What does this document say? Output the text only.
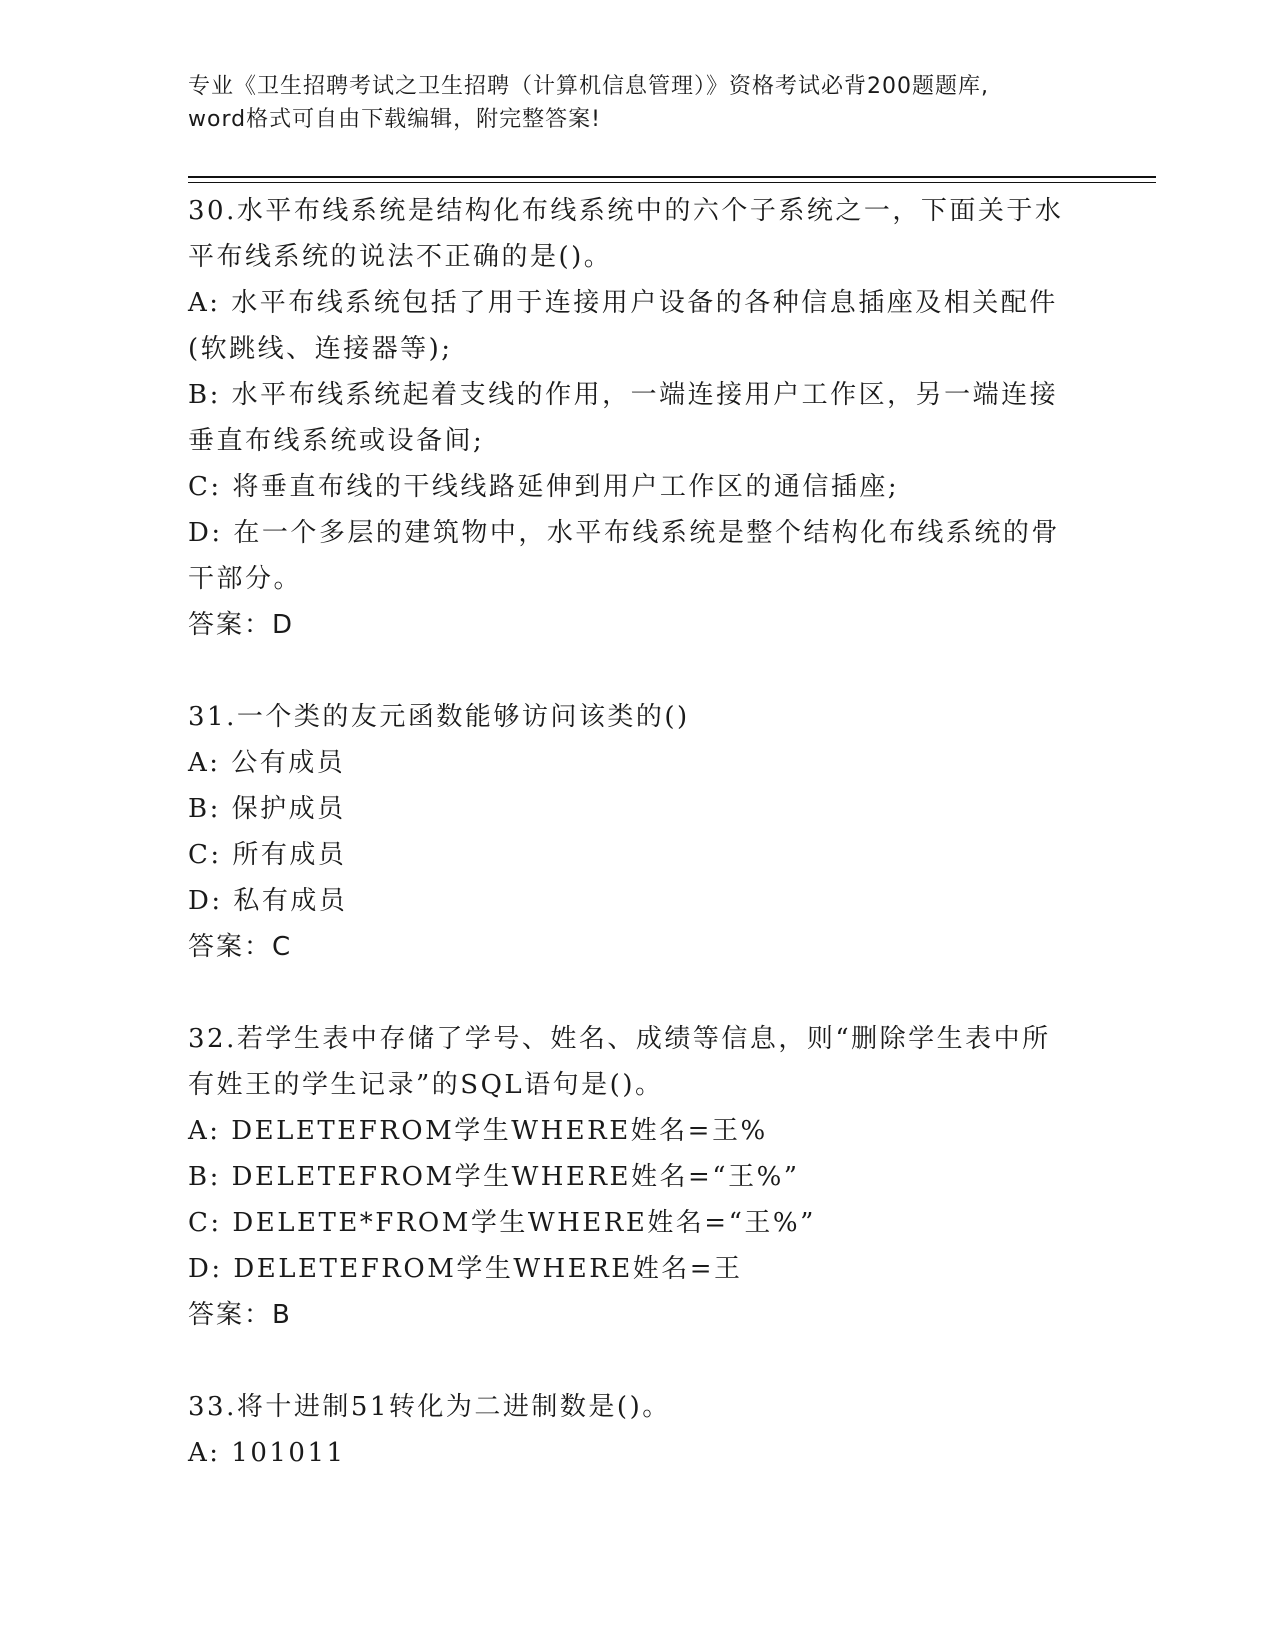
专业《卫生招聘考试之卫生招聘（计算机信息管理）》资格考试必背200题题库,
word格式可自由下载编辑，附完整答案!
30.水平布线系统是结构化布线系统中的六个子系统之一，下面关于水
平布线系统的说法不正确的是()。
A: 水平布线系统包括了用于连接用户设备的各种信息插座及相关配件
(软跳线、连接器等);
B: 水平布线系统起着支线的作用，一端连接用户工作区，另一端连接
垂直布线系统或设备间;
C: 将垂直布线的干线线路延伸到用户工作区的通信插座;
D: 在一个多层的建筑物中，水平布线系统是整个结构化布线系统的骨
干部分。
答案：D
31.一个类的友元函数能够访问该类的()
A: 公有成员
B: 保护成员
C: 所有成员
D: 私有成员
答案：C
32.若学生表中存储了学号、姓名、成绩等信息，则“删除学生表中所
有姓王的学生记录”的SQL语句是()。
A: DELETEFROM学生WHERE姓名=王%
B: DELETEFROM学生WHERE姓名=“王%”
C: DELETE*FROM学生WHERE姓名=“王%”
D: DELETEFROM学生WHERE姓名=王
答案：B
33.将十进制51转化为二进制数是()。
A: 101011
